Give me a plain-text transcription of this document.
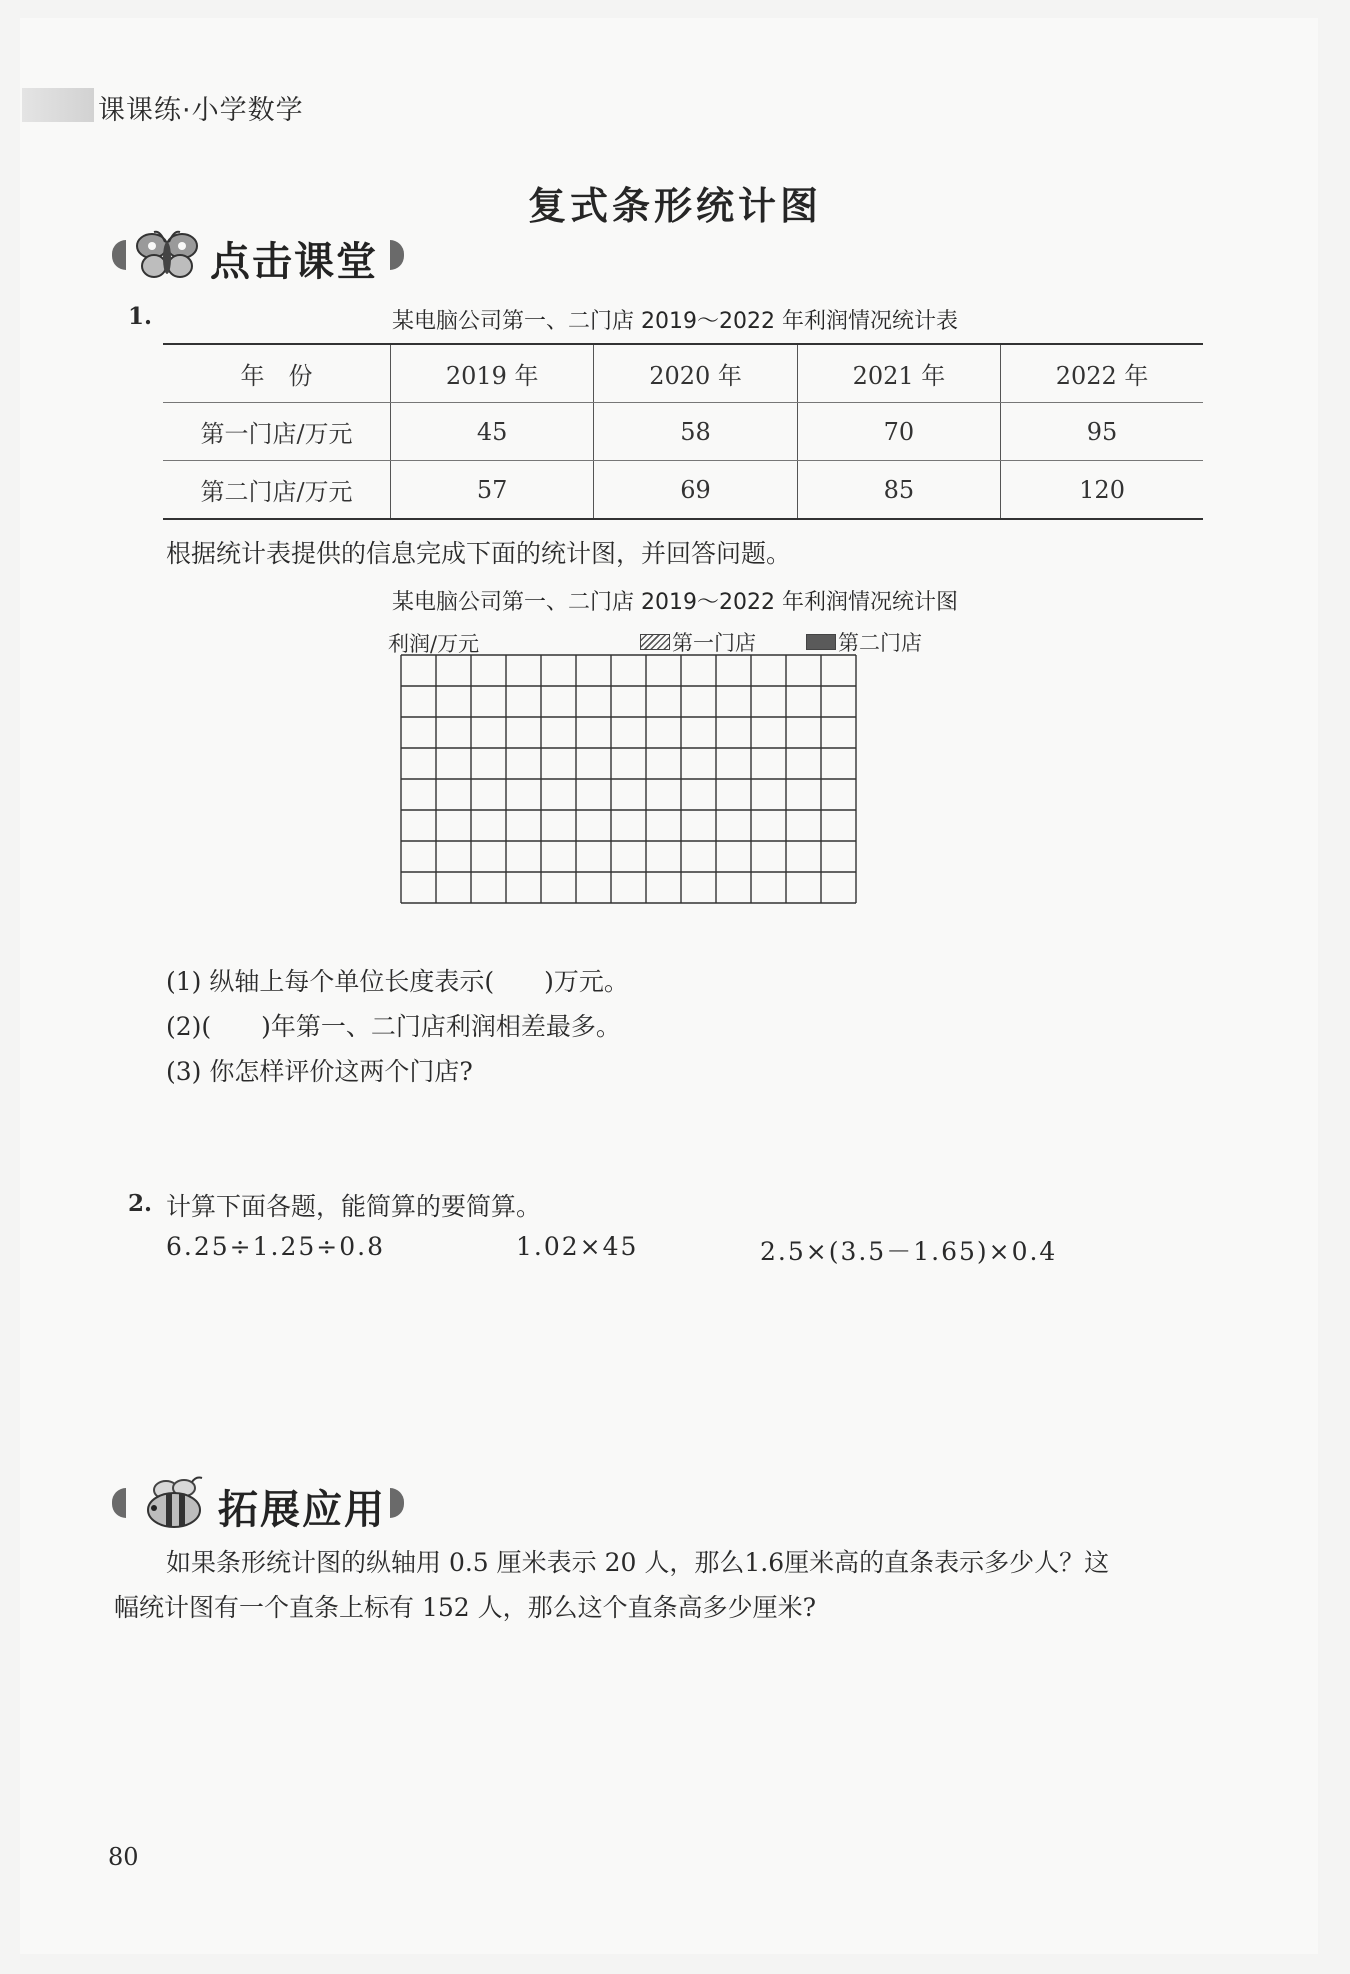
课课练·小学数学
复式条形统计图
点击课堂
1.	某电脑公司第一、二门店 2019～2022 年利润情况统计表
年　份	2019 年	2020 年	2021 年	2022 年
第一门店/万元	45	58	70	95
第二门店/万元	57	69	85	120
根据统计表提供的信息完成下面的统计图，并回答问题。
某电脑公司第一、二门店 2019～2022 年利润情况统计图
利润/万元	第一门店	第二门店
(1) 纵轴上每个单位长度表示(　　)万元。
(2)(　　)年第一、二门店利润相差最多。
(3) 你怎样评价这两个门店?
2. 计算下面各题，能简算的要简算。
6.25÷1.25÷0.8	1.02×45	2.5×(3.5－1.65)×0.4
拓展应用
如果条形统计图的纵轴用 0.5 厘米表示 20 人，那么1.6厘米高的直条表示多少人？这
幅统计图有一个直条上标有 152 人，那么这个直条高多少厘米?
80
